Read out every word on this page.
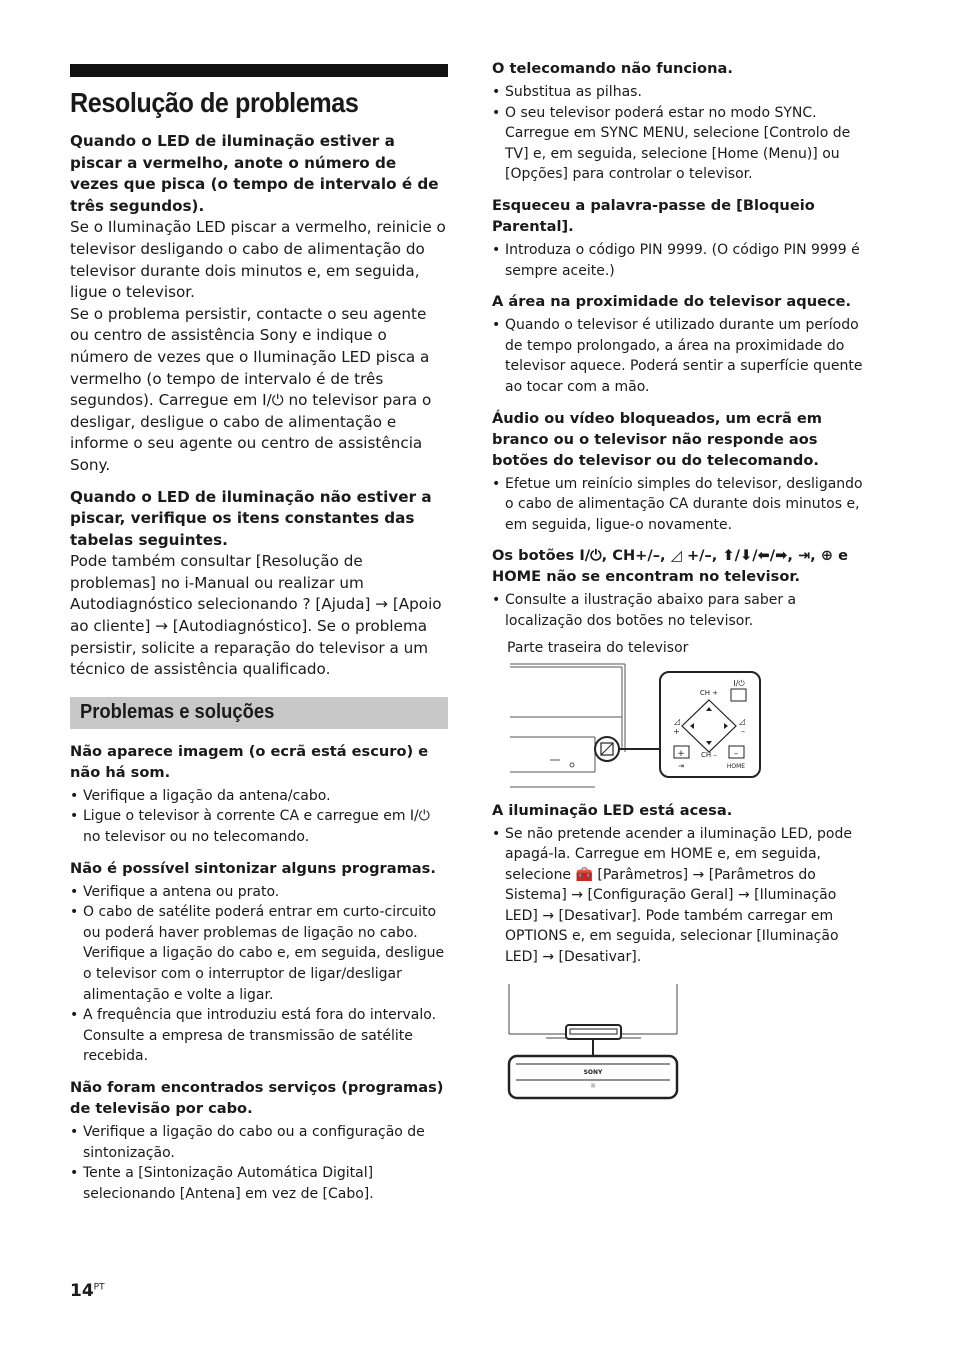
Resolução de problemas

Quando o LED de iluminação estiver a piscar a vermelho, anote o número de vezes que pisca (o tempo de intervalo é de três segundos).

Se o Iluminação LED piscar a vermelho, reinicie o televisor desligando o cabo de alimentação do televisor durante dois minutos e, em seguida, ligue o televisor.

Se o problema persistir, contacte o seu agente ou centro de assistência Sony e indique o número de vezes que o Iluminação LED pisca a vermelho (o tempo de intervalo é de três segundos). Carregue em I/⏻ no televisor para o desligar, desligue o cabo de alimentação e informe o seu agente ou centro de assistência Sony.

Quando o LED de iluminação não estiver a piscar, verifique os itens constantes das tabelas seguintes.

Pode também consultar [Resolução de problemas] no i-Manual ou realizar um Autodiagnóstico selecionando ? [Ajuda] → [Apoio ao cliente] → [Autodiagnóstico]. Se o problema persistir, solicite a reparação do televisor a um técnico de assistência qualificado.

Problemas e soluções
Não aparece imagem (o ecrã está escuro) e não há som.
• Verifique a ligação da antena/cabo.
• Ligue o televisor à corrente CA e carregue em I/⏻ no televisor ou no telecomando.
Não é possível sintonizar alguns programas.
• Verifique a antena ou prato.
• O cabo de satélite poderá entrar em curto-circuito ou poderá haver problemas de ligação no cabo. Verifique a ligação do cabo e, em seguida, desligue o televisor com o interruptor de ligar/desligar alimentação e volte a ligar.
• A frequência que introduziu está fora do intervalo. Consulte a empresa de transmissão de satélite recebida.
Não foram encontrados serviços (programas) de televisão por cabo.
• Verifique a ligação do cabo ou a configuração de sintonização.
• Tente a [Sintonização Automática Digital] selecionando [Antena] em vez de [Cabo].
O telecomando não funciona.
• Substitua as pilhas.
• O seu televisor poderá estar no modo SYNC. Carregue em SYNC MENU, selecione [Controlo de TV] e, em seguida, selecione [Home (Menu)] ou [Opções] para controlar o televisor.
Esqueceu a palavra-passe de [Bloqueio Parental].
• Introduza o código PIN 9999. (O código PIN 9999 é sempre aceite.)
A área na proximidade do televisor aquece.
• Quando o televisor é utilizado durante um período de tempo prolongado, a área na proximidade do televisor aquece. Poderá sentir a superfície quente ao tocar com a mão.
Áudio ou vídeo bloqueados, um ecrã em branco ou o televisor não responde aos botões do televisor ou do telecomando.
• Efetue um reinício simples do televisor, desligando o cabo de alimentação CA durante dois minutos e, em seguida, ligue-o novamente.
Os botões I/⏻, CH+/–, ◿ +/–, ⬆/⬇/⬅/➡, ⇥, ⊕ e HOME não se encontram no televisor.
• Consulte a ilustração abaixo para saber a localização dos botões no televisor.
Parte traseira do televisor
I/⏻
CH +
◿
+
◿
–
+
⇥
CH – –
HOME
A iluminação LED está acesa.
• Se não pretende acender a iluminação LED, pode apagá-la. Carregue em HOME e, em seguida, selecione 🧰 [Parâmetros] → [Parâmetros do Sistema] → [Configuração Geral] → [Iluminação LED] → [Desativar]. Pode também carregar em OPTIONS e, em seguida, selecionar [Iluminação LED] → [Desativar].
SONY
☼
$14^{PT}$
